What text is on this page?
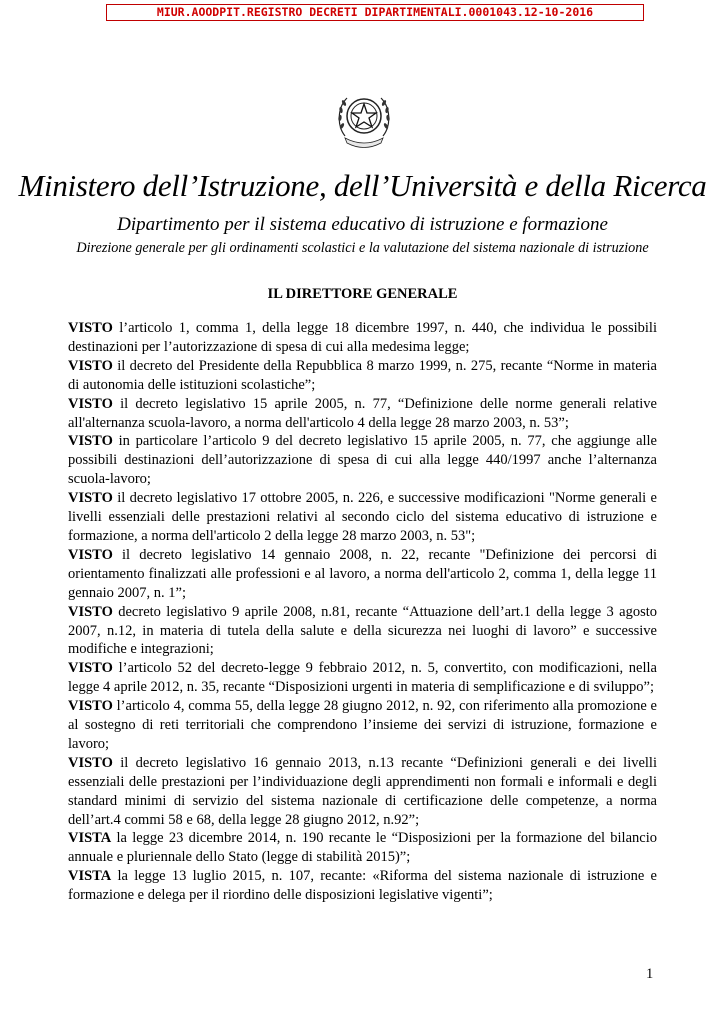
MIUR.AOODPIT.REGISTRO DECRETI DIPARTIMENTALI.0001043.12-10-2016
Ministero dell’Istruzione, dell’Università e della Ricerca
Dipartimento per il sistema educativo di istruzione e formazione
Direzione generale per gli ordinamenti scolastici e la valutazione del sistema nazionale di istruzione
IL DIRETTORE GENERALE

VISTO l’articolo 1, comma 1, della legge 18 dicembre 1997, n. 440, che individua le possibili destinazioni per l’autorizzazione di spesa di cui alla medesima legge;

VISTO il decreto del Presidente della Repubblica 8 marzo 1999, n. 275, recante “Norme in materia di autonomia delle istituzioni scolastiche”;

VISTO il decreto legislativo 15 aprile 2005, n. 77, “Definizione delle norme generali relative all'alternanza scuola-lavoro, a norma dell'articolo 4 della legge 28 marzo 2003, n. 53”;

VISTO in particolare l’articolo 9 del decreto legislativo 15 aprile 2005, n. 77, che aggiunge alle possibili destinazioni dell’autorizzazione di spesa di cui alla legge 440/1997 anche l’alternanza scuola-lavoro;

VISTO il decreto legislativo 17 ottobre 2005, n. 226, e successive modificazioni "Norme generali e livelli essenziali delle prestazioni relativi al secondo ciclo del sistema educativo di istruzione e formazione, a norma dell'articolo 2 della legge 28 marzo 2003, n. 53";

VISTO il decreto legislativo 14 gennaio 2008, n. 22, recante "Definizione dei percorsi di orientamento finalizzati alle professioni e al lavoro, a norma dell'articolo 2, comma 1, della legge 11 gennaio 2007, n. 1”;

VISTO decreto legislativo 9 aprile 2008, n.81, recante “Attuazione dell’art.1 della legge 3 agosto 2007, n.12, in materia di tutela della salute e della sicurezza nei luoghi di lavoro” e successive modifiche e integrazioni;

VISTO l’articolo 52 del decreto-legge 9 febbraio 2012, n. 5, convertito, con modificazioni, nella legge 4 aprile 2012, n. 35, recante “Disposizioni urgenti in materia di semplificazione e di sviluppo”;

VISTO l’articolo 4, comma 55, della legge 28 giugno 2012, n. 92, con riferimento alla promozione e al sostegno di reti territoriali che comprendono l’insieme dei servizi di istruzione, formazione e lavoro;

VISTO il decreto legislativo 16 gennaio 2013, n.13 recante “Definizioni generali e dei livelli essenziali delle prestazioni per l’individuazione degli apprendimenti non formali e informali e degli standard minimi di servizio del sistema nazionale di certificazione delle competenze, a norma dell’art.4 commi 58 e 68, della legge 28 giugno 2012, n.92”;

VISTA la legge 23 dicembre 2014, n. 190 recante le “Disposizioni per la formazione del bilancio annuale e pluriennale dello Stato (legge di stabilità 2015)”;

VISTA la legge 13 luglio 2015, n. 107, recante: «Riforma del sistema nazionale di istruzione e formazione e delega per il riordino delle disposizioni legislative vigenti”;

1
